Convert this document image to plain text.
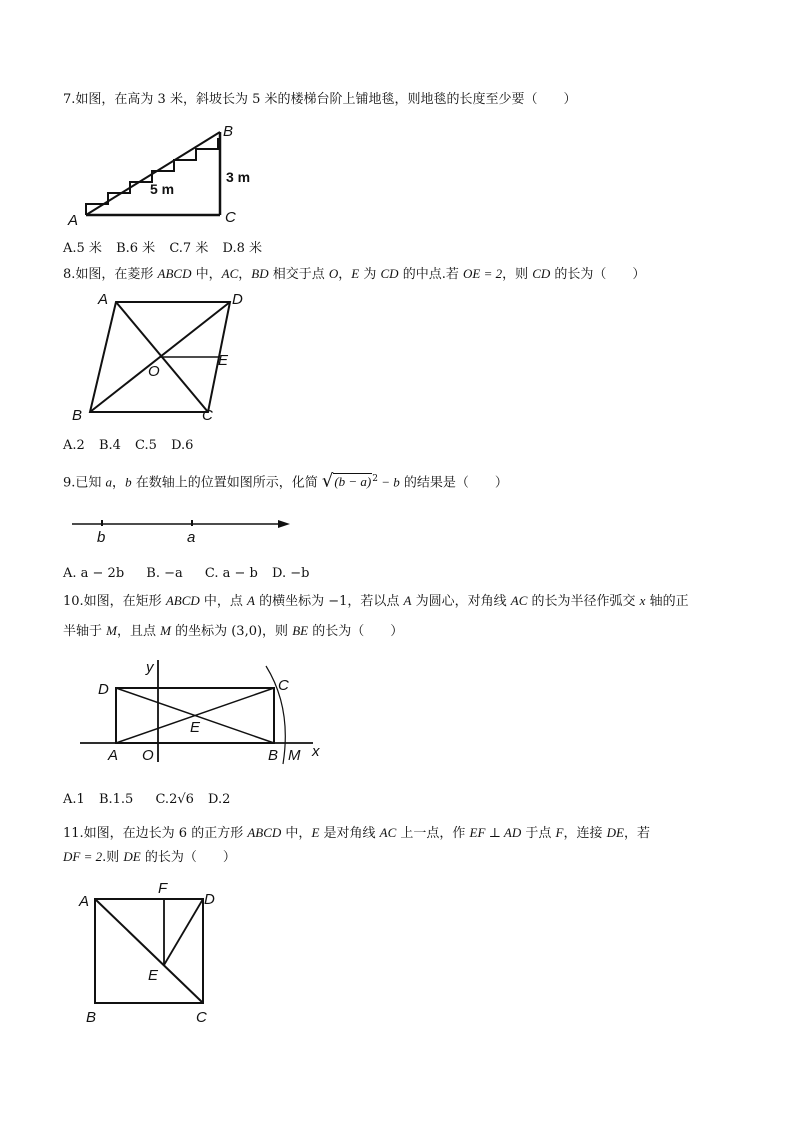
7.如图，在高为 3 米，斜坡长为 5 米的楼梯台阶上铺地毯，则地毯的长度至少要（　　）
A
B
C
5 m
3 m
A.5 米 B.6 米 C.7 米 D.8 米
8.如图，在菱形 ABCD 中，AC，BD 相交于点 O，E 为 CD 的中点.若 OE = 2，则 CD 的长为（　　）
A	D
B	C
O
E
A.2 B.4 C.5 D.6
9.已知 a，b 在数轴上的位置如图所示，化简 $√(b - a)^2 - b$ 的结果是（　　）
b	a
A. a − 2b B. −a C. a − b D. −b
10.如图，在矩形 ABCD 中，点 A 的横坐标为 −1，若以点 A 为圆心，对角线 AC 的长为半径作弧交 x 轴的正
半轴于 M，且点 M 的坐标为 (3,0)，则 BE 的长为（　　）
y
D	C
E
A O	B M x
A.1 B.1.5 C.2√6 D.2
11.如图，在边长为 6 的正方形 ABCD 中，E 是对角线 AC 上一点，作 EF ⊥ AD 于点 F，连接 DE，若
DF = 2.则 DE 的长为（　　）
A
F
D
E
B	C
